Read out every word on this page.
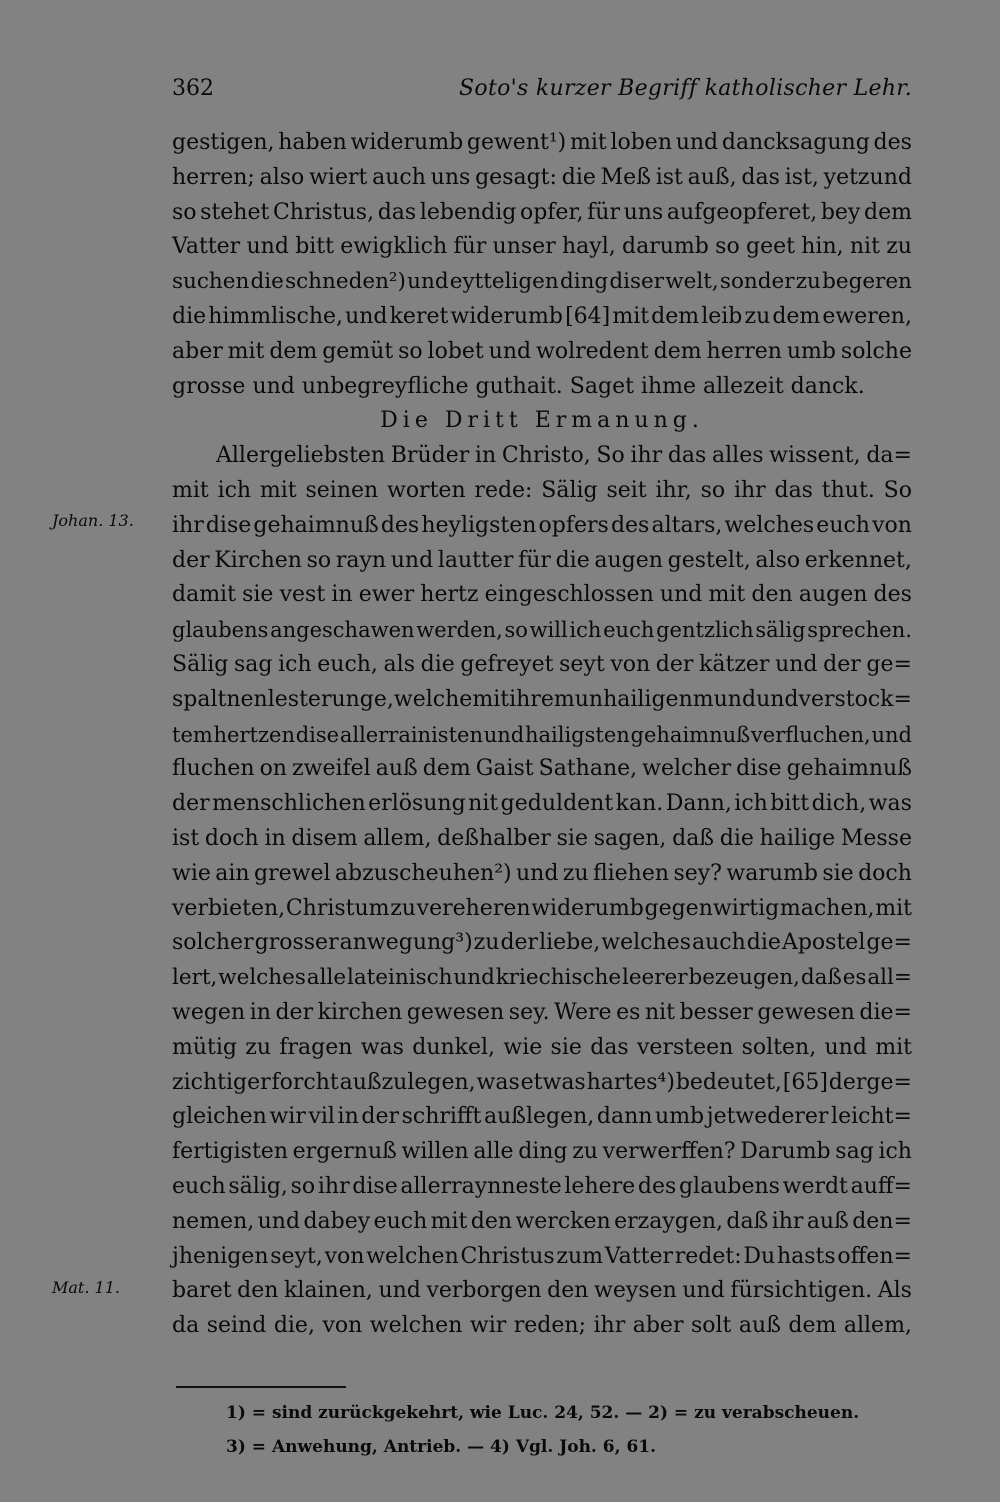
362	Soto's kurzer Begriff katholischer Lehr.
gestigen, haben widerumb gewent¹) mit loben und dancksagung des
herren; also wiert auch uns gesagt: die Meß ist auß, das ist, yetzund
so stehet Christus, das lebendig opfer, für uns aufgeopferet, bey dem
Vatter und bitt ewigklich für unser hayl, darumb so geet hin, nit zu
suchen die schneden²) und eytteligen ding diser welt, sonder zu begeren
die himmlische, und keret widerumb [64] mit dem leib zu dem eweren,
aber mit dem gemüt so lobet und wolredent dem herren umb solche
grosse und unbegreyfliche guthait. Saget ihme allezeit danck.
Die Dritt Ermanung.
Allergeliebsten Brüder in Christo, So ihr das alles wissent, da=
mit ich mit seinen worten rede: Sälig seit ihr, so ihr das thut. So
ihr dise gehaimnuß des heyligsten opfers des altars, welches euch von
der Kirchen so rayn und lautter für die augen gestelt, also erkennet,
damit sie vest in ewer hertz eingeschlossen und mit den augen des
glaubens angeschawen werden, so will ich euch gentzlich sälig sprechen.
Sälig sag ich euch, als die gefreyet seyt von der kätzer und der ge=
spaltnen lesterunge, welche mit ihrem unhailigen mund und verstock=
tem hertzen dise allerrainisten und hailigsten gehaimnuß verfluchen, und
fluchen on zweifel auß dem Gaist Sathane, welcher dise gehaimnuß
der menschlichen erlösung nit geduldent kan. Dann, ich bitt dich, was
ist doch in disem allem, deßhalber sie sagen, daß die hailige Messe
wie ain grewel abzuscheuhen²) und zu fliehen sey? warumb sie doch
verbieten, Christum zu vereheren widerumb gegenwirtig machen, mit
solcher grosser anwegung³) zu der liebe, welches auch die Apostel ge=
lert, welches alle lateinisch und kriechische leerer bezeugen, daß es all=
wegen in der kirchen gewesen sey. Were es nit besser gewesen die=
mütig zu fragen was dunkel, wie sie das versteen solten, und mit
zichtiger forcht außzulegen, was etwas hartes⁴) bedeutet, [65] derge=
gleichen wir vil in der schrifft außlegen, dann umb jetwederer leicht=
fertigisten ergernuß willen alle ding zu verwerffen? Darumb sag ich
euch sälig, so ihr dise allerraynneste lehere des glaubens werdt auff=
nemen, und dabey euch mit den wercken erzaygen, daß ihr auß den=
jhenigen seyt, von welchen Christus zum Vatter redet: Du hasts offen=
baret den klainen, und verborgen den weysen und fürsichtigen. Als
da seind die, von welchen wir reden; ihr aber solt auß dem allem,
Johan. 13.
Mat. 11.
1) = sind zurückgekehrt, wie Luc. 24, 52. — 2) = zu verabscheuen.
3) = Anwehung, Antrieb. — 4) Vgl. Joh. 6, 61.
